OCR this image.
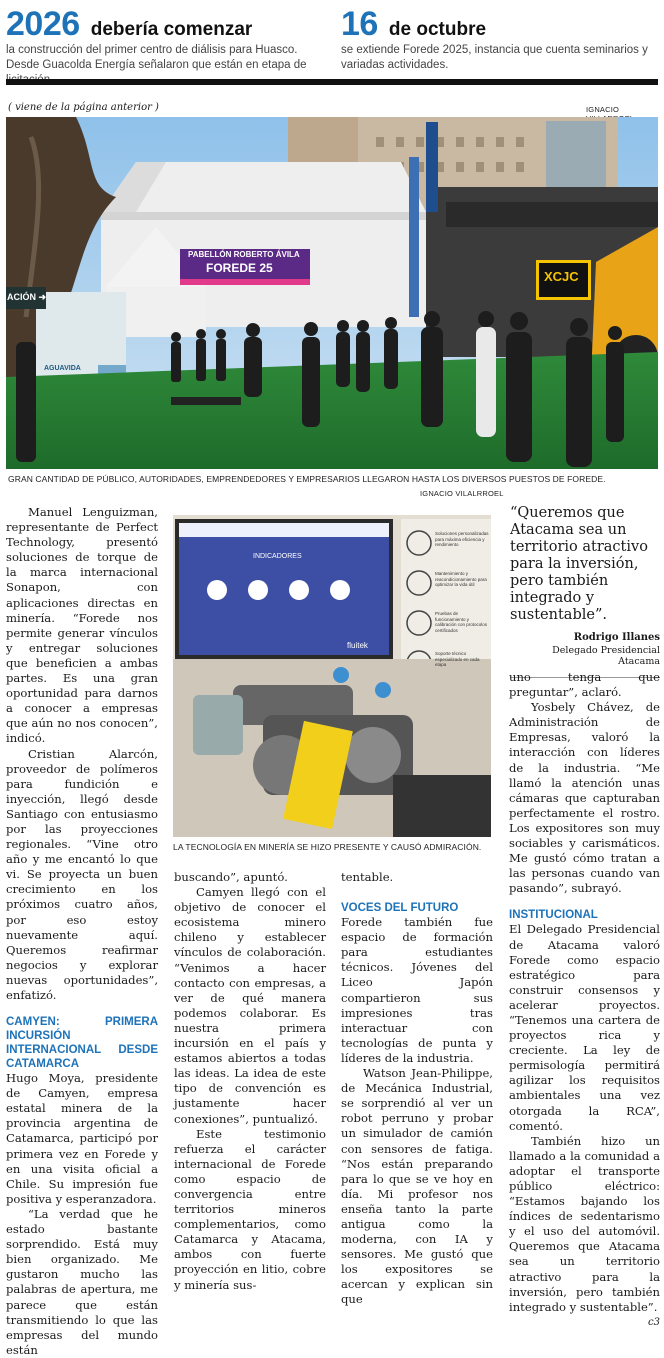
2026 debería comenzar
la construcción del primer centro de diálisis para Huasco. Desde Guacolda Energía señalaron que están en etapa de
16 de octubre
se extiende Forede 2025, instancia que cuenta seminarios y variadas actividades.
( viene de la página anterior )	IGNACIO
PABELLÓN ROBERTO ÁVILA
FOREDE 25
XCJC
ACIÓN ➜
AGUAVIDA
GRAN CANTIDAD DE PÚBLICO, AUTORIDADES, EMPRENDEDORES Y EMPRESARIOS LLEGARON HASTA LOS DIVERSOS PUESTOS DE FOREDE.
IGNACIO VILALRROEL

Manuel Lenguizman, representante de Perfect Technology, presentó soluciones de torque de la marca internacional Sonapon, con aplicaciones directas en minería. “Forede nos permite generar vínculos y entregar soluciones que beneficien a ambas partes. Es una gran oportunidad para darnos a conocer a empresas que aún no nos conocen”, indicó.

Cristian Alarcón, proveedor de polímeros para fundición e inyección, llegó desde Santiago con entusiasmo por las proyecciones regionales. “Vine otro año y me encantó lo que vi. Se proyecta un buen crecimiento en los próximos cuatro años, por eso estoy nuevamente aquí. Queremos reafirmar negocios y explorar nuevas oportunidades”, enfatizó.

CAMYEN: PRIMERA INCURSIÓN INTERNACIONAL DESDE CATAMARCA

Hugo Moya, presidente de Camyen, empresa estatal minera de la provincia argentina de Catamarca, participó por primera vez en Forede y en una visita oficial a Chile. Su impresión fue positiva y esperanzadora.

“La verdad que he estado bastante sorprendido. Está muy bien organizado. Me gustaron mucho las palabras de apertura, me parece que están transmitiendo lo que las empresas del mundo están

INDICADORES
fluitek
Soluciones personalizadas para máxima eficiencia y rendimiento
Mantenimiento y reacondicionamiento para optimizar la vida útil
Pruebas de funcionamiento y calibración con protocolos certificados
Soporte técnico especializado en cada etapa
LA TECNOLOGÍA EN MINERÍA SE HIZO PRESENTE Y CAUSÓ ADMIRACIÓN.
“Queremos que Atacama sea un territorio atractivo para la inversión, pero también integrado y sustentable”.
Rodrigo Illanes
Delegado Presidencial Atacama

uno tenga que preguntar”, aclaró.

Yosbely Chávez, de Administración de Empresas, valoró la interacción con líderes de la industria. “Me llamó la atención unas cámaras que capturaban perfectamente el rostro. Los expositores son muy sociables y carismáticos. Me gustó cómo tratan a las personas cuando van pasando”, subrayó.

INSTITUCIONAL

El Delegado Presidencial de Atacama valoró Forede como espacio estratégico para construir consensos y acelerar proyectos. “Tenemos una cartera de proyectos rica y creciente. La ley de permisología permitirá agilizar los requisitos ambientales una vez otorgada la RCA”, comentó.

También hizo un llamado a la comunidad a adoptar el transporte público eléctrico: “Estamos bajando los índices de sedentarismo y el uso del automóvil. Queremos que Atacama sea un territorio atractivo para la inversión, pero también integrado y sustentable”.

c3

buscando”, apuntó.

Camyen llegó con el objetivo de conocer el ecosistema minero chileno y establecer vínculos de colaboración. “Venimos a hacer contacto con empresas, a ver de qué manera podemos colaborar. Es nuestra primera incursión en el país y estamos abiertos a todas las ideas. La idea de este tipo de convención es justamente hacer conexiones”, puntualizó.

Este testimonio refuerza el carácter internacional de Forede como espacio de convergencia entre territorios mineros complementarios, como Catamarca y Atacama, ambos con fuerte proyección en litio, cobre y minería sus-

tentable.

VOCES DEL FUTURO

Forede también fue espacio de formación para estudiantes técnicos. Jóvenes del Liceo Japón compartieron sus impresiones tras interactuar con tecnologías de punta y líderes de la industria.

Watson Jean-Philippe, de Mecánica Industrial, se sorprendió al ver un robot perruno y probar un simulador de camión con sensores de fatiga. “Nos están preparando para lo que se ve hoy en día. Mi profesor nos enseña tanto la parte antigua como la moderna, con IA y sensores. Me gustó que los expositores se acercan y explican sin que
